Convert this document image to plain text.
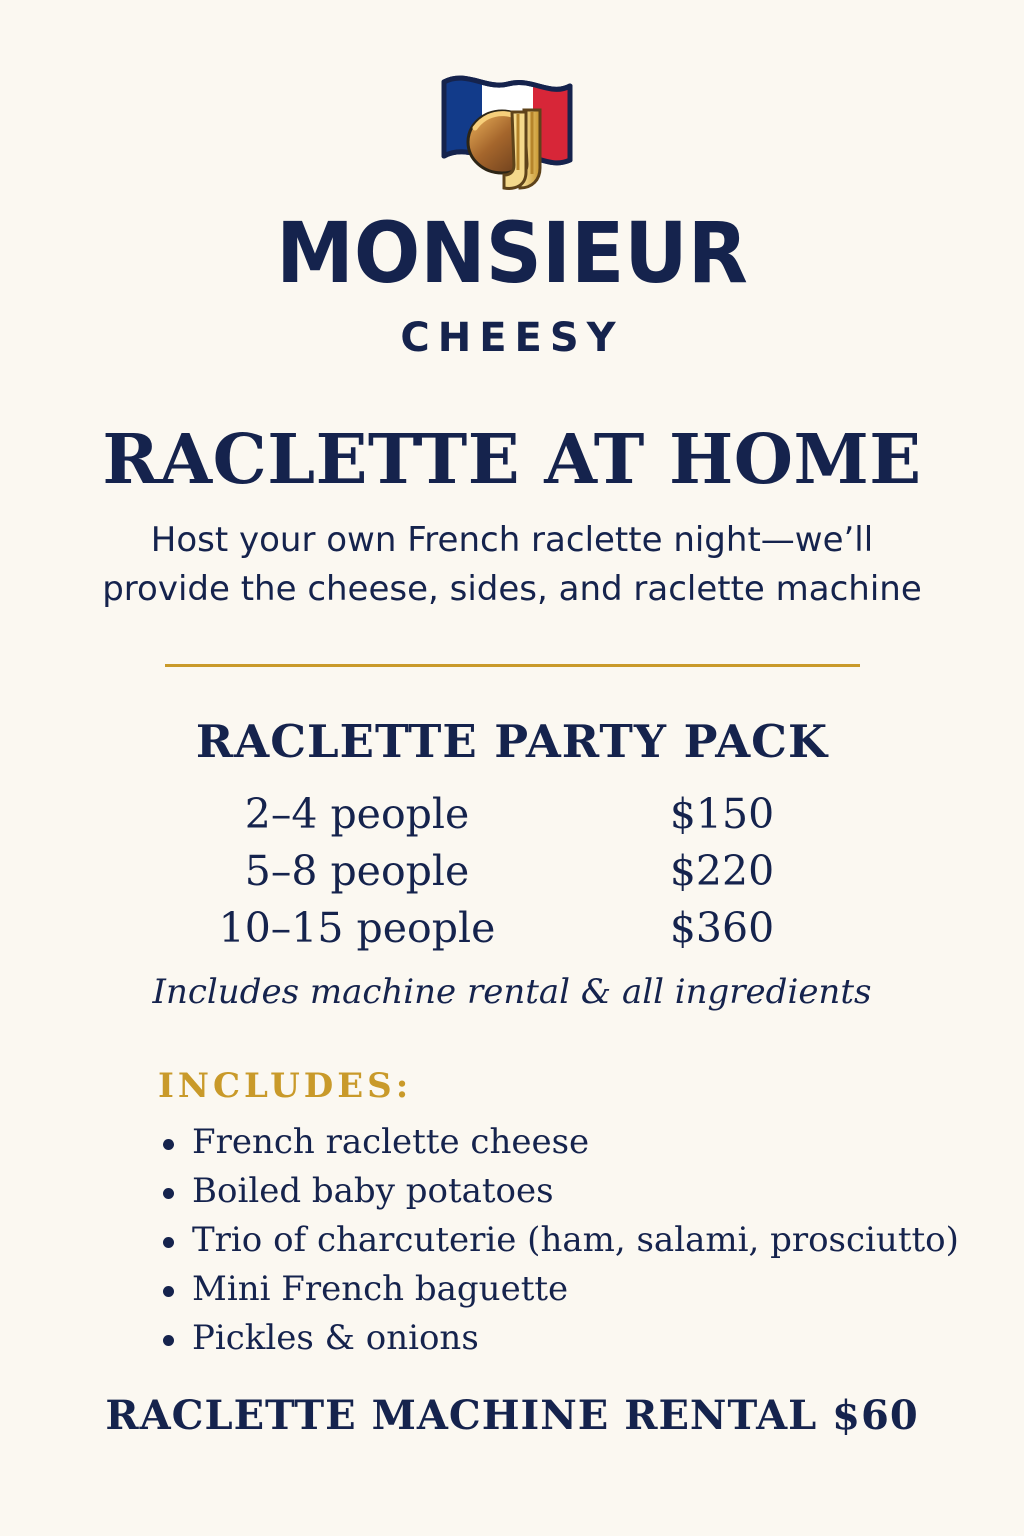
MONSIEUR
CHEESY
RACLETTE AT HOME
Host your own French raclette night—we’ll
provide the cheese, sides, and raclette machine
RACLETTE PARTY PACK
2–4 people	$150
5–8 people	$220
10–15 people	$360
Includes machine rental & all ingredients
INCLUDES:
French raclette cheese
Boiled baby potatoes
Trio of charcuterie (ham, salami, prosciutto)
Mini French baguette
Pickles & onions
RACLETTE MACHINE RENTAL $60
